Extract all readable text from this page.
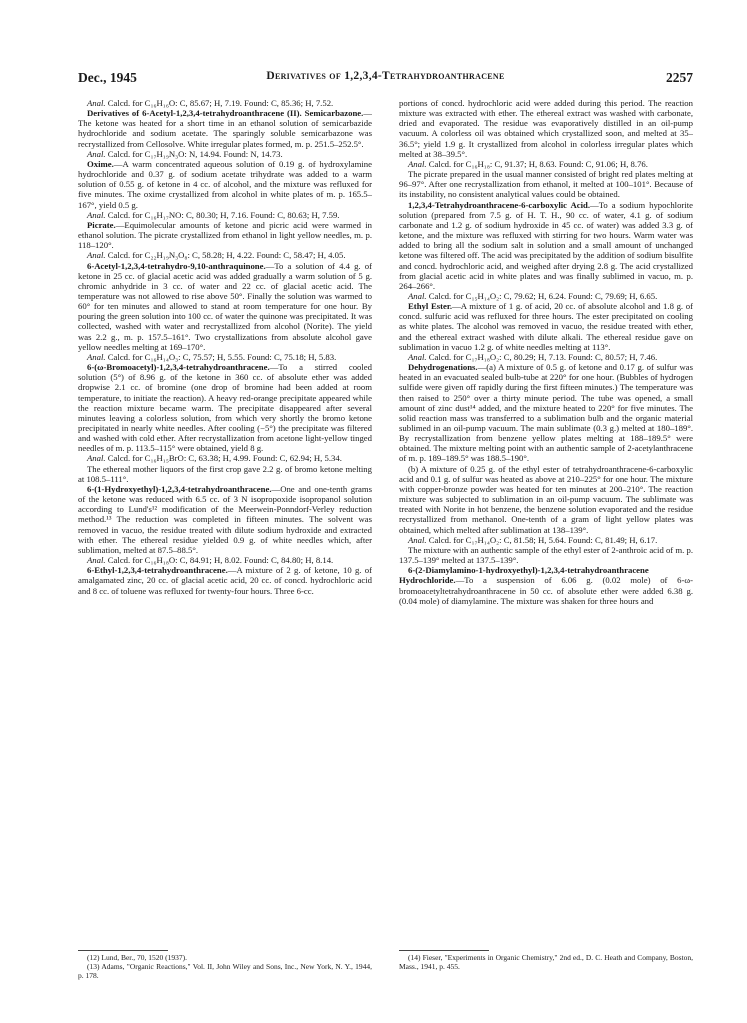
Dec., 1945	Derivatives of 1,2,3,4-Tetrahydroanthracene	2257

Anal. Calcd. for C₁₆H₁₆O: C, 85.67; H, 7.19. Found: C, 85.36; H, 7.52.

Derivatives of 6-Acetyl-1,2,3,4-tetrahydroanthracene (II). Semicarbazone.—The ketone was heated for a short time in an ethanol solution of semicarbazide hydrochloride and sodium acetate. The sparingly soluble semicarbazone was recrystallized from Cellosolve. White irregular plates formed, m. p. 251.5–252.5°.

Anal. Calcd. for C₁₇H₁₉N₃O: N, 14.94. Found: N, 14.73.

Oxime.—A warm concentrated aqueous solution of 0.19 g. of hydroxylamine hydrochloride and 0.37 g. of sodium acetate trihydrate was added to a warm solution of 0.55 g. of ketone in 4 cc. of alcohol, and the mixture was refluxed for five minutes. The oxime crystallized from alcohol in white plates of m. p. 165.5–167°, yield 0.5 g.

Anal. Calcd. for C₁₆H₁₇NO: C, 80.30; H, 7.16. Found: C, 80.63; H, 7.59.

Picrate.—Equimolecular amounts of ketone and picric acid were warmed in ethanol solution. The picrate crystallized from ethanol in light yellow needles, m. p. 118–120°.

Anal. Calcd. for C₂₂H₁₉N₃O₈: C, 58.28; H, 4.22. Found: C, 58.47; H, 4.05.

6-Acetyl-1,2,3,4-tetrahydro-9,10-anthraquinone.—To a solution of 4.4 g. of ketone in 25 cc. of glacial acetic acid was added gradually a warm solution of 5 g. chromic anhydride in 3 cc. of water and 22 cc. of glacial acetic acid. The temperature was not allowed to rise above 50°. Finally the solution was warmed to 60° for ten minutes and allowed to stand at room temperature for one hour. By pouring the green solution into 100 cc. of water the quinone was precipitated. It was collected, washed with water and recrystallized from alcohol (Norite). The yield was 2.2 g., m. p. 157.5–161°. Two crystallizations from absolute alcohol gave yellow needles melting at 169–170°.

Anal. Calcd. for C₁₆H₁₄O₃: C, 75.57; H, 5.55. Found: C, 75.18; H, 5.83.

6-(ω-Bromoacetyl)-1,2,3,4-tetrahydroanthracene.—To a stirred cooled solution (5°) of 8.96 g. of the ketone in 360 cc. of absolute ether was added dropwise 2.1 cc. of bromine (one drop of bromine had been added at room temperature, to initiate the reaction). A heavy red-orange precipitate appeared while the reaction mixture became warm. The precipitate disappeared after several minutes leaving a colorless solution, from which very shortly the bromo ketone precipitated in nearly white needles. After cooling (−5°) the precipitate was filtered and washed with cold ether. After recrystallization from acetone light-yellow tinged needles of m. p. 113.5–115° were obtained, yield 8 g.

Anal. Calcd. for C₁₆H₁₅BrO: C, 63.38; H, 4.99. Found: C, 62.94; H, 5.34.

The ethereal mother liquors of the first crop gave 2.2 g. of bromo ketone melting at 108.5–111°.

6-(1-Hydroxyethyl)-1,2,3,4-tetrahydroanthracene.—One and one-tenth grams of the ketone was reduced with 6.5 cc. of 3 N isopropoxide isopropanol solution according to Lund's¹² modification of the Meerwein-Ponndorf-Verley reduction method.¹³ The reduction was completed in fifteen minutes. The solvent was removed in vacuo, the residue treated with dilute sodium hydroxide and extracted with ether. The ethereal residue yielded 0.9 g. of white needles which, after sublimation, melted at 87.5–88.5°.

Anal. Calcd. for C₁₆H₁₈O: C, 84.91; H, 8.02. Found: C, 84.80; H, 8.14.

6-Ethyl-1,2,3,4-tetrahydroanthracene.—A mixture of 2 g. of ketone, 10 g. of amalgamated zinc, 20 cc. of glacial acetic acid, 20 cc. of concd. hydrochloric acid and 8 cc. of toluene was refluxed for twenty-four hours. Three 6-cc.

portions of concd. hydrochloric acid were added during this period. The reaction mixture was extracted with ether. The ethereal extract was washed with carbonate, dried and evaporated. The residue was evaporatively distilled in an oil-pump vacuum. A colorless oil was obtained which crystallized soon, and melted at 35–36.5°; yield 1.9 g. It crystallized from alcohol in colorless irregular plates which melted at 38–39.5°.

Anal. Calcd. for C₁₆H₁₈: C, 91.37; H, 8.63. Found: C, 91.06; H, 8.76.

The picrate prepared in the usual manner consisted of bright red plates melting at 96–97°. After one recrystallization from ethanol, it melted at 100–101°. Because of its instability, no consistent analytical values could be obtained.

1,2,3,4-Tetrahydroanthracene-6-carboxylic Acid.—To a sodium hypochlorite solution (prepared from 7.5 g. of H. T. H., 90 cc. of water, 4.1 g. of sodium carbonate and 1.2 g. of sodium hydroxide in 45 cc. of water) was added 3.3 g. of ketone, and the mixture was refluxed with stirring for two hours. Warm water was added to bring all the sodium salt in solution and a small amount of unchanged ketone was filtered off. The acid was precipitated by the addition of sodium bisulfite and concd. hydrochloric acid, and weighed after drying 2.8 g. The acid crystallized from glacial acetic acid in white plates and was finally sublimed in vacuo, m. p. 264–266°.

Anal. Calcd. for C₁₅H₁₄O₂: C, 79.62; H, 6.24. Found: C, 79.69; H, 6.65.

Ethyl Ester.—A mixture of 1 g. of acid, 20 cc. of absolute alcohol and 1.8 g. of concd. sulfuric acid was refluxed for three hours. The ester precipitated on cooling as white plates. The alcohol was removed in vacuo, the residue treated with ether, and the ethereal extract washed with dilute alkali. The ethereal residue gave on sublimation in vacuo 1.2 g. of white needles melting at 113°.

Anal. Calcd. for C₁₇H₁₈O₂: C, 80.29; H, 7.13. Found: C, 80.57; H, 7.46.

Dehydrogenations.—(a) A mixture of 0.5 g. of ketone and 0.17 g. of sulfur was heated in an evacuated sealed bulb-tube at 220° for one hour. (Bubbles of hydrogen sulfide were given off rapidly during the first fifteen minutes.) The temperature was then raised to 250° over a thirty minute period. The tube was opened, a small amount of zinc dust¹⁴ added, and the mixture heated to 220° for five minutes. The solid reaction mass was transferred to a sublimation bulb and the organic material sublimed in an oil-pump vacuum. The main sublimate (0.3 g.) melted at 180–189°. By recrystallization from benzene yellow plates melting at 188–189.5° were obtained. The mixture melting point with an authentic sample of 2-acetylanthracene of m. p. 189–189.5° was 188.5–190°.

(b) A mixture of 0.25 g. of the ethyl ester of tetrahydroanthracene-6-carboxylic acid and 0.1 g. of sulfur was heated as above at 210–225° for one hour. The mixture with copper-bronze powder was heated for ten minutes at 200–210°. The reaction mixture was subjected to sublimation in an oil-pump vacuum. The sublimate was treated with Norite in hot benzene, the benzene solution evaporated and the residue recrystallized from methanol. One-tenth of a gram of light yellow plates was obtained, which melted after sublimation at 138–139°.

Anal. Calcd. for C₁₇H₁₄O₂: C, 81.58; H, 5.64. Found: C, 81.49; H, 6.17.

The mixture with an authentic sample of the ethyl ester of 2-anthroic acid of m. p. 137.5–139° melted at 137.5–139°.

6-(2-Diamylamino-1-hydroxyethyl)-1,2,3,4-tetrahydroanthracene Hydrochloride.—To a suspension of 6.06 g. (0.02 mole) of 6-ω-bromoacetyltetrahydroanthracene in 50 cc. of absolute ether were added 6.38 g. (0.04 mole) of diamylamine. The mixture was shaken for three hours and

(12) Lund, Ber., 70, 1520 (1937).

(13) Adams, "Organic Reactions," Vol. II, John Wiley and Sons, Inc., New York, N. Y., 1944, p. 178.

(14) Fieser, "Experiments in Organic Chemistry," 2nd ed., D. C. Heath and Company, Boston, Mass., 1941, p. 455.
